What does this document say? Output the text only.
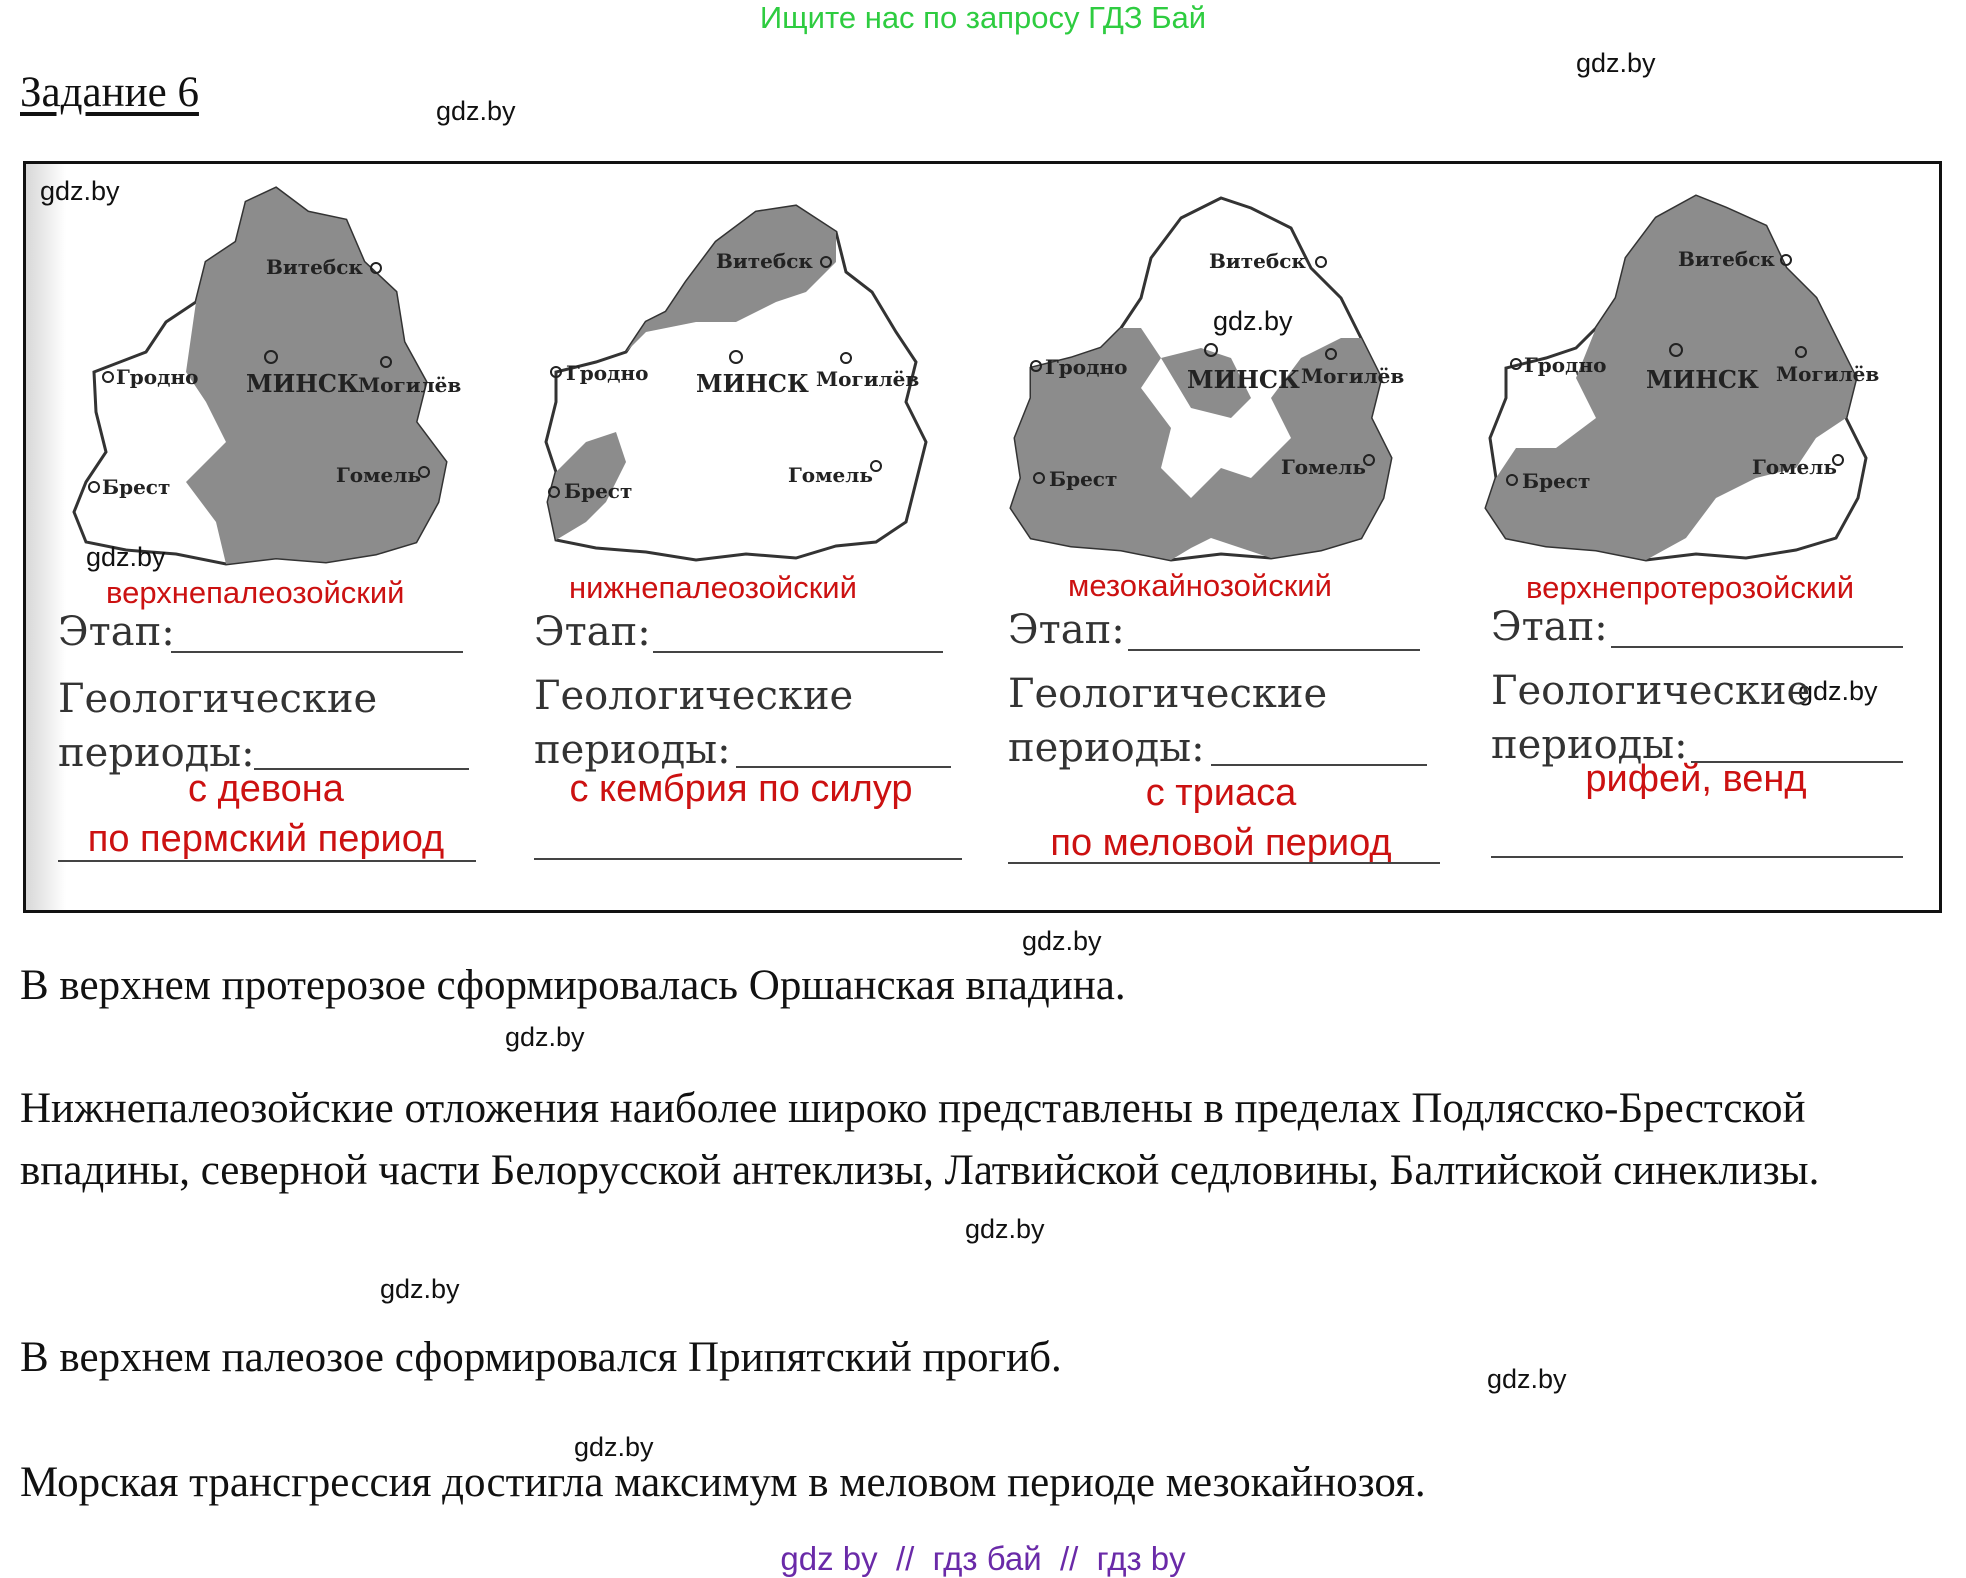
Ищите нас по запросу ГДЗ Бай
Задание 6
gdz.by
gdz.by
Витебск
МИНСК Могилёв
Гродно
Брест	Гомель
Витебск
МИНСК Могилёв
Гродно
Брест
Гомель
Витебск
МИНСК Могилёв
Гродно
Брест	Гомель
Витебск
МИНСК Могилёв
Гродно
Брест
Гомель
gdz.by
gdz.by
gdz.by
gdz.by
верхнепалеозойский
Этап:
Геологические
периоды:
с девона
по пермский период
нижнепалеозойский
Этап:
Геологические
периоды:
с кембрия по силур
мезокайнозойский
Этап:
Геологические
периоды:
с триаса
по меловой период
верхнепротерозойский
Этап:
Геологические
периоды:
рифей, венд
gdz.by
gdz.by
gdz.by
gdz.by
gdz.by
gdz.by
В верхнем протерозое сформировалась Оршанская впадина.
Нижнепалеозойские отложения наиболее широко представлены в пределах Подлясско-Брестской впадины, северной части Белорусской антеклизы, Латвийской седловины, Балтийской синеклизы.
В верхнем палеозое сформировался Припятский прогиб.
Морская трансгрессия достигла максимум в меловом периоде мезокайнозоя.
gdz by  //  гдз бай  //  гдз by
